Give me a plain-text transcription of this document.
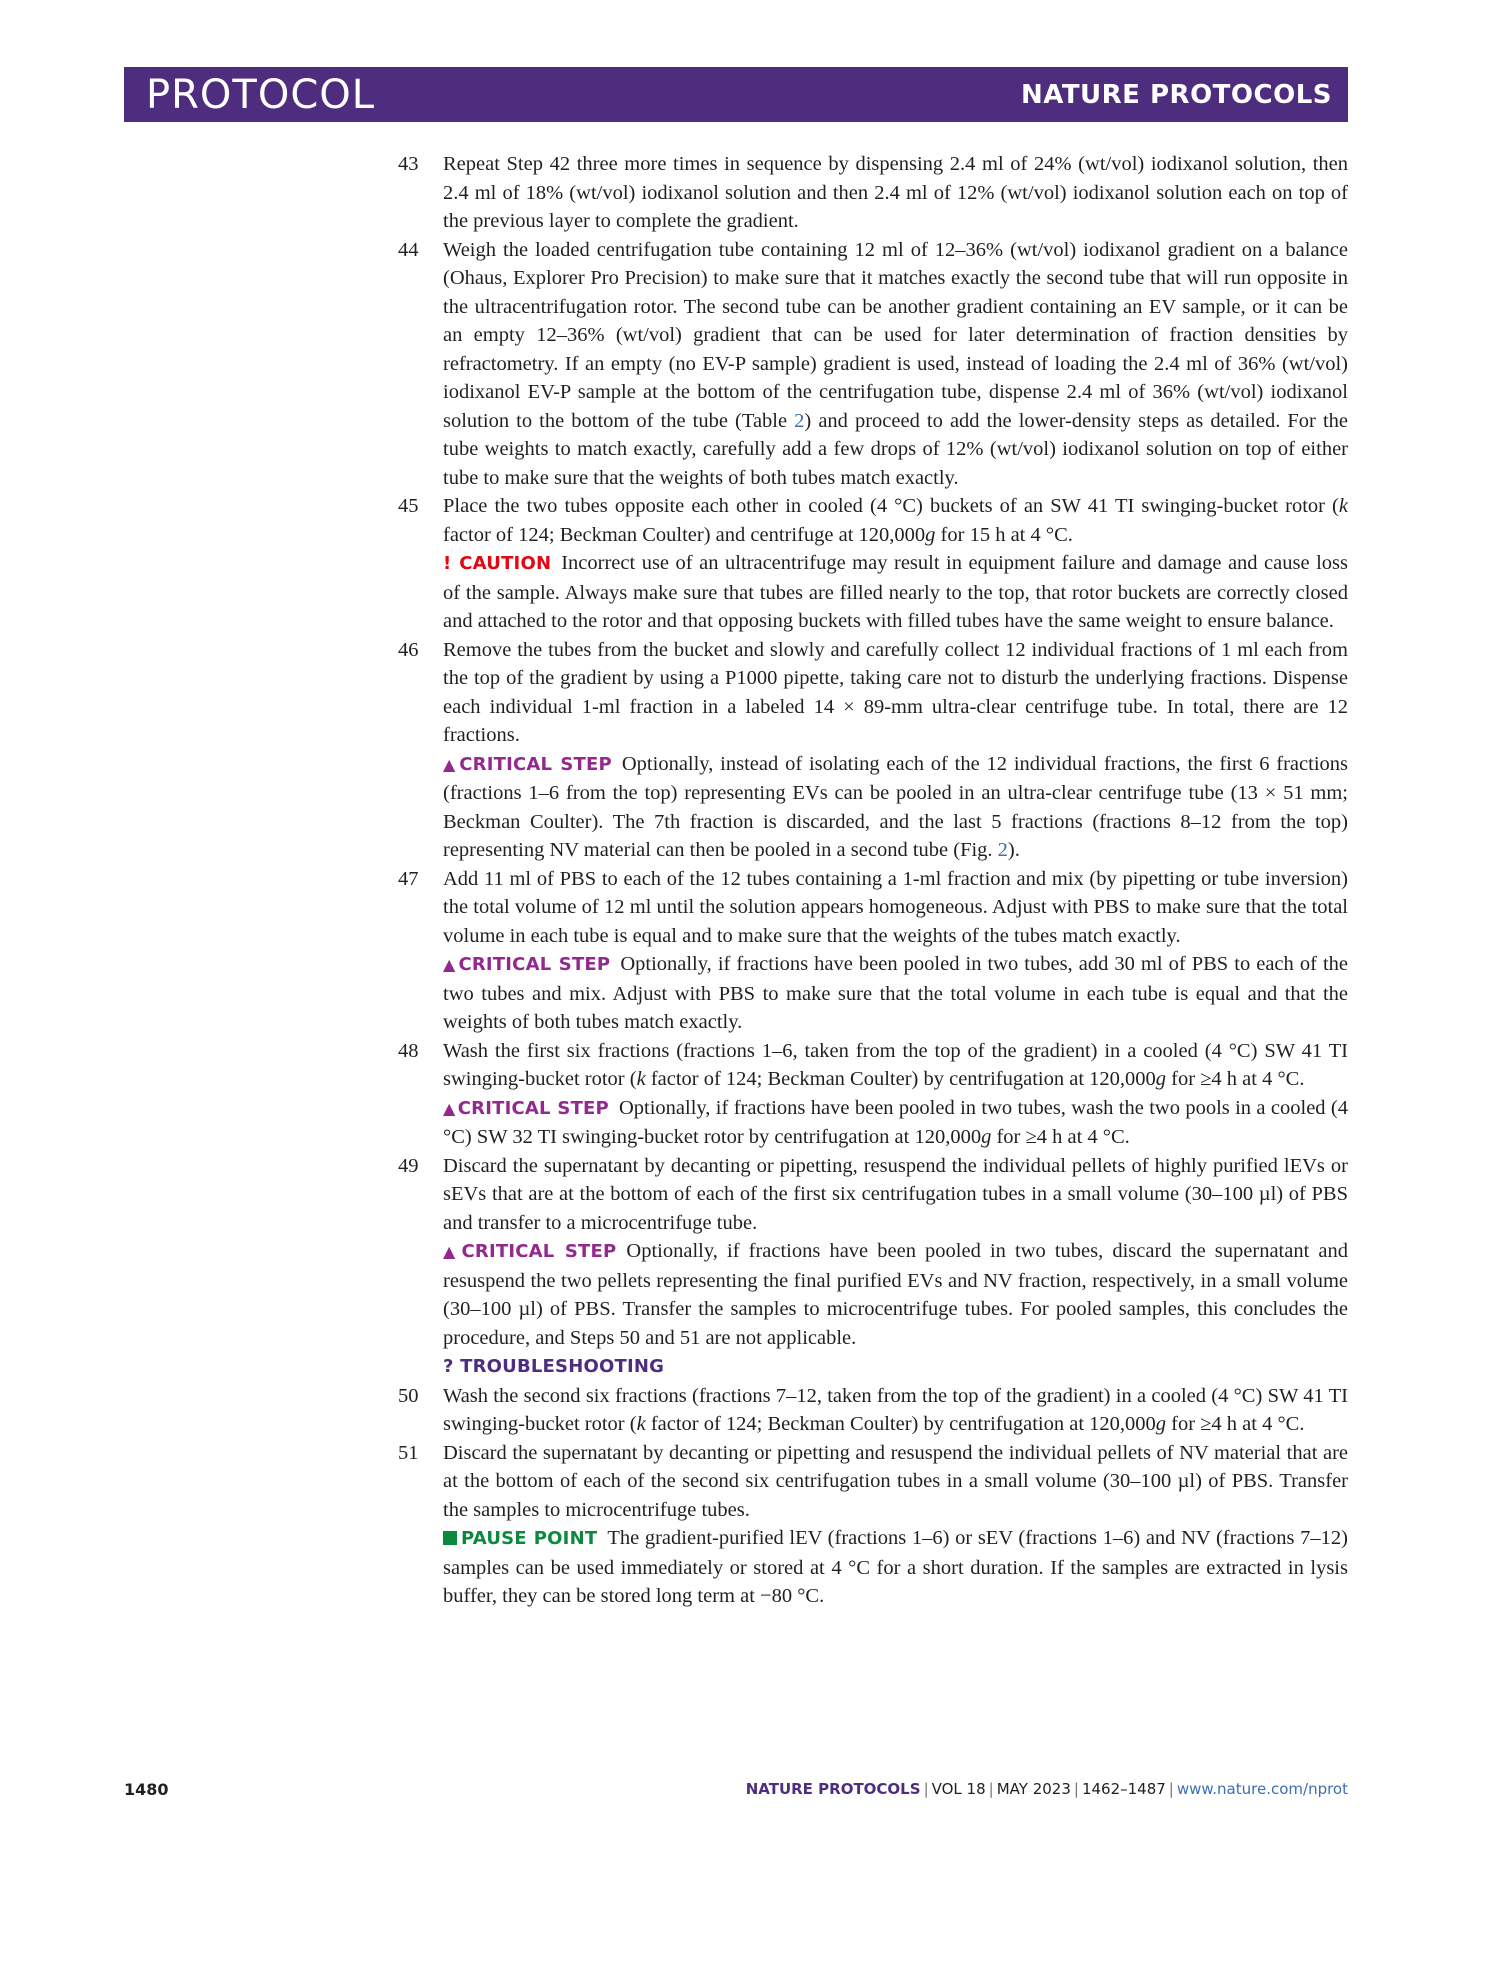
PROTOCOL	NATURE PROTOCOLS
43	Repeat Step 42 three more times in sequence by dispensing 2.4 ml of 24% (wt/vol) iodixanol solution, then 2.4 ml of 18% (wt/vol) iodixanol solution and then 2.4 ml of 12% (wt/vol) iodixanol solution each on top of the previous layer to complete the gradient.

44	Weigh the loaded centrifugation tube containing 12 ml of 12–36% (wt/vol) iodixanol gradient on a balance (Ohaus, Explorer Pro Precision) to make sure that it matches exactly the second tube that will run opposite in the ultracentrifugation rotor. The second tube can be another gradient containing an EV sample, or it can be an empty 12–36% (wt/vol) gradient that can be used for later determination of fraction densities by refractometry. If an empty (no EV-P sample) gradient is used, instead of loading the 2.4 ml of 36% (wt/vol) iodixanol EV-P sample at the bottom of the centrifugation tube, dispense 2.4 ml of 36% (wt/vol) iodixanol solution to the bottom of the tube (Table 2) and proceed to add the lower-density steps as detailed. For the tube weights to match exactly, carefully add a few drops of 12% (wt/vol) iodixanol solution on top of either tube to make sure that the weights of both tubes match exactly.

45	Place the two tubes opposite each other in cooled (4 °C) buckets of an SW 41 TI swinging-bucket rotor (k factor of 124; Beckman Coulter) and centrifuge at 120,000g for 15 h at 4 °C.

! CAUTION Incorrect use of an ultracentrifuge may result in equipment failure and damage and cause loss of the sample. Always make sure that tubes are filled nearly to the top, that rotor buckets are correctly closed and attached to the rotor and that opposing buckets with filled tubes have the same weight to ensure balance.

46	Remove the tubes from the bucket and slowly and carefully collect 12 individual fractions of 1 ml each from the top of the gradient by using a P1000 pipette, taking care not to disturb the underlying fractions. Dispense each individual 1-ml fraction in a labeled 14 × 89-mm ultra-clear centrifuge tube. In total, there are 12 fractions.

▲ CRITICAL STEP Optionally, instead of isolating each of the 12 individual fractions, the first 6 fractions (fractions 1–6 from the top) representing EVs can be pooled in an ultra-clear centrifuge tube (13 × 51 mm; Beckman Coulter). The 7th fraction is discarded, and the last 5 fractions (fractions 8–12 from the top) representing NV material can then be pooled in a second tube (Fig. 2).

47	Add 11 ml of PBS to each of the 12 tubes containing a 1-ml fraction and mix (by pipetting or tube inversion) the total volume of 12 ml until the solution appears homogeneous. Adjust with PBS to make sure that the total volume in each tube is equal and to make sure that the weights of the tubes match exactly.

▲ CRITICAL STEP Optionally, if fractions have been pooled in two tubes, add 30 ml of PBS to each of the two tubes and mix. Adjust with PBS to make sure that the total volume in each tube is equal and that the weights of both tubes match exactly.

48	Wash the first six fractions (fractions 1–6, taken from the top of the gradient) in a cooled (4 °C) SW 41 TI swinging-bucket rotor (k factor of 124; Beckman Coulter) by centrifugation at 120,000g for ≥4 h at 4 °C.

▲ CRITICAL STEP Optionally, if fractions have been pooled in two tubes, wash the two pools in a cooled (4 °C) SW 32 TI swinging-bucket rotor by centrifugation at 120,000g for ≥4 h at 4 °C.

49	Discard the supernatant by decanting or pipetting, resuspend the individual pellets of highly purified lEVs or sEVs that are at the bottom of each of the first six centrifugation tubes in a small volume (30–100 µl) of PBS and transfer to a microcentrifuge tube.

▲ CRITICAL STEP Optionally, if fractions have been pooled in two tubes, discard the supernatant and resuspend the two pellets representing the final purified EVs and NV fraction, respectively, in a small volume (30–100 µl) of PBS. Transfer the samples to microcentrifuge tubes. For pooled samples, this concludes the procedure, and Steps 50 and 51 are not applicable.

? TROUBLESHOOTING

50	Wash the second six fractions (fractions 7–12, taken from the top of the gradient) in a cooled (4 °C) SW 41 TI swinging-bucket rotor (k factor of 124; Beckman Coulter) by centrifugation at 120,000g for ≥4 h at 4 °C.

51	Discard the supernatant by decanting or pipetting and resuspend the individual pellets of NV material that are at the bottom of each of the second six centrifugation tubes in a small volume (30–100 µl) of PBS. Transfer the samples to microcentrifuge tubes.

PAUSE POINT The gradient-purified lEV (fractions 1–6) or sEV (fractions 1–6) and NV (fractions 7–12) samples can be used immediately or stored at 4 °C for a short duration. If the samples are extracted in lysis buffer, they can be stored long term at −80 °C.

1480	NATURE PROTOCOLS | VOL 18 | MAY 2023 | 1462–1487 | www.nature.com/nprot
